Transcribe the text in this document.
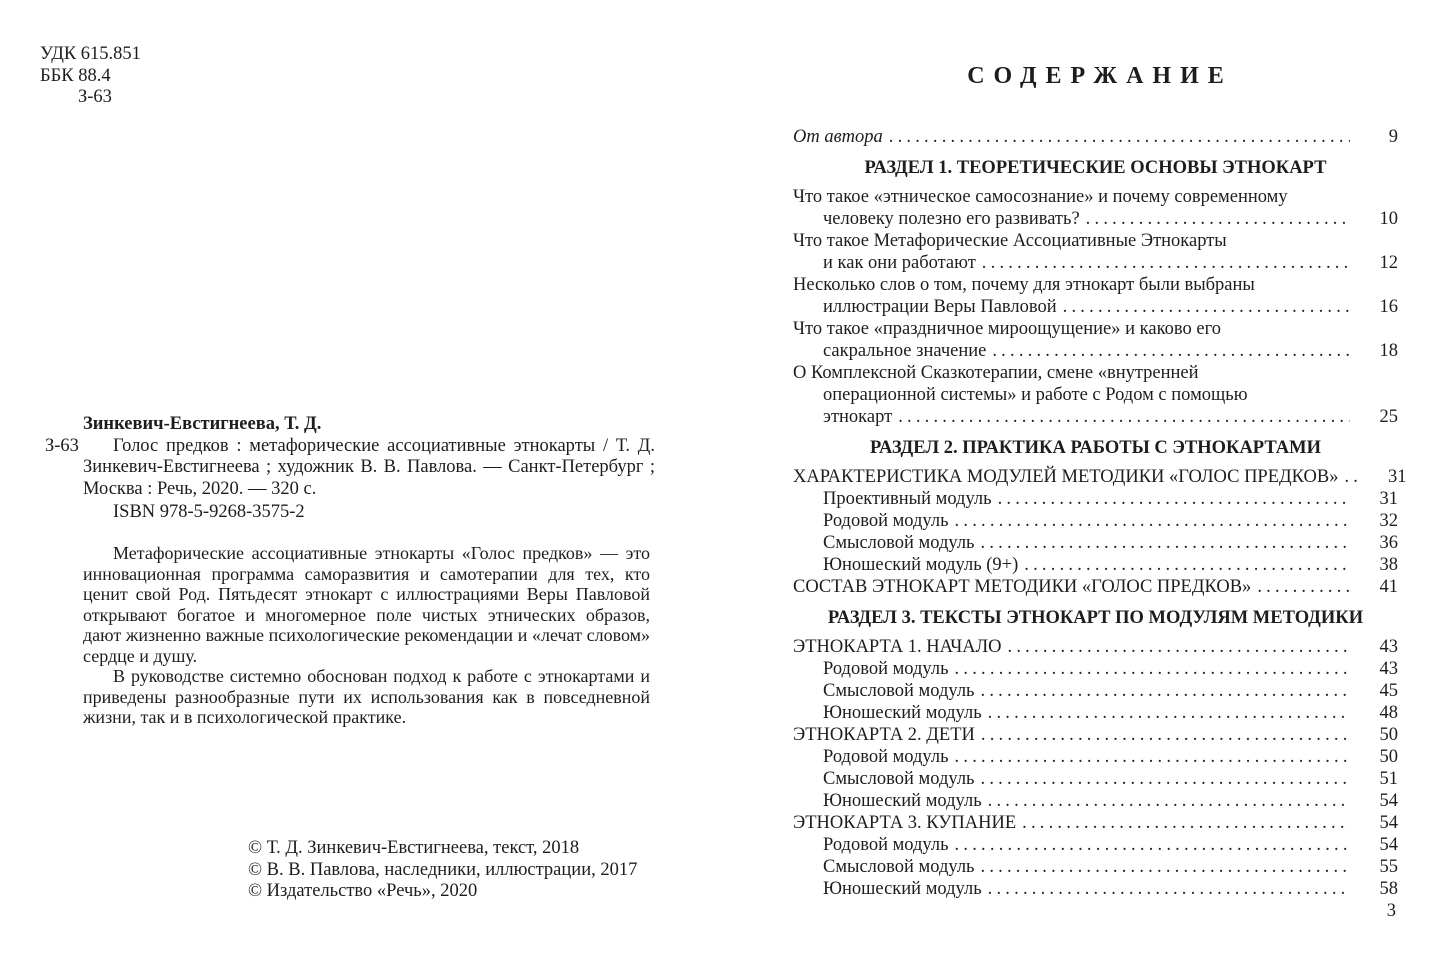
УДК 615.851
ББК 88.4
З-63
Зинкевич-Евстигнеева, Т. Д.
З-63	Голос предков : метафорические ассоциативные этнокарты / Т. Д. Зинкевич-Евстигнеева ; художник В. В. Павлова. — Санкт-Петербург ; Москва : Речь, 2020. — 320 с.

ISBN 978-5-9268-3575-2

Метафорические ассоциативные этнокарты «Голос предков» — это инновационная программа саморазвития и самотерапии для тех, кто ценит свой Род. Пятьдесят этнокарт с иллюстрациями Веры Павловой открывают богатое и многомерное поле чистых этнических образов, дают жизненно важные психологические рекомендации и «лечат словом» сердце и душу.

В руководстве системно обоснован подход к работе с этнокартами и приведены разнообразные пути их использования как в повседневной жизни, так и в психологической практике.

© Т. Д. Зинкевич-Евстигнеева, текст, 2018
© В. В. Павлова, наследники, иллюстрации, 2017
© Издательство «Речь», 2020
СОДЕРЖАНИЕ
От автора .....	9
РАЗДЕЛ 1. ТЕОРЕТИЧЕСКИЕ ОСНОВЫ ЭТНОКАРТ
Что такое «этническое самосознание» и почему современному
человеку полезно его развивать? .....	10
Что такое Метафорические Ассоциативные Этнокарты
и как они работают .....	12
Несколько слов о том, почему для этнокарт были выбраны
иллюстрации Веры Павловой .....	16
Что такое «праздничное мироощущение» и каково его
сакральное значение .....	18
О Комплексной Сказкотерапии, смене «внутренней
операционной системы» и работе с Родом с помощью
этнокарт .....	25
РАЗДЕЛ 2. ПРАКТИКА РАБОТЫ С ЭТНОКАРТАМИ
ХАРАКТЕРИСТИКА МОДУЛЕЙ МЕТОДИКИ «ГОЛОС ПРЕДКОВ» .....	31
Проективный модуль .....	31
Родовой модуль .....	32
Смысловой модуль .....	36
Юношеский модуль (9+) .....	38
СОСТАВ ЭТНОКАРТ МЕТОДИКИ «ГОЛОС ПРЕДКОВ» .....	41
РАЗДЕЛ 3. ТЕКСТЫ ЭТНОКАРТ ПО МОДУЛЯМ МЕТОДИКИ
ЭТНОКАРТА 1. НАЧАЛО .....	43
Родовой модуль .....	43
Смысловой модуль .....	45
Юношеский модуль .....	48
ЭТНОКАРТА 2. ДЕТИ .....	50
Родовой модуль .....	50
Смысловой модуль .....	51
Юношеский модуль .....	54
ЭТНОКАРТА 3. КУПАНИЕ .....	54
Родовой модуль .....	54
Смысловой модуль .....	55
Юношеский модуль .....	58
3
